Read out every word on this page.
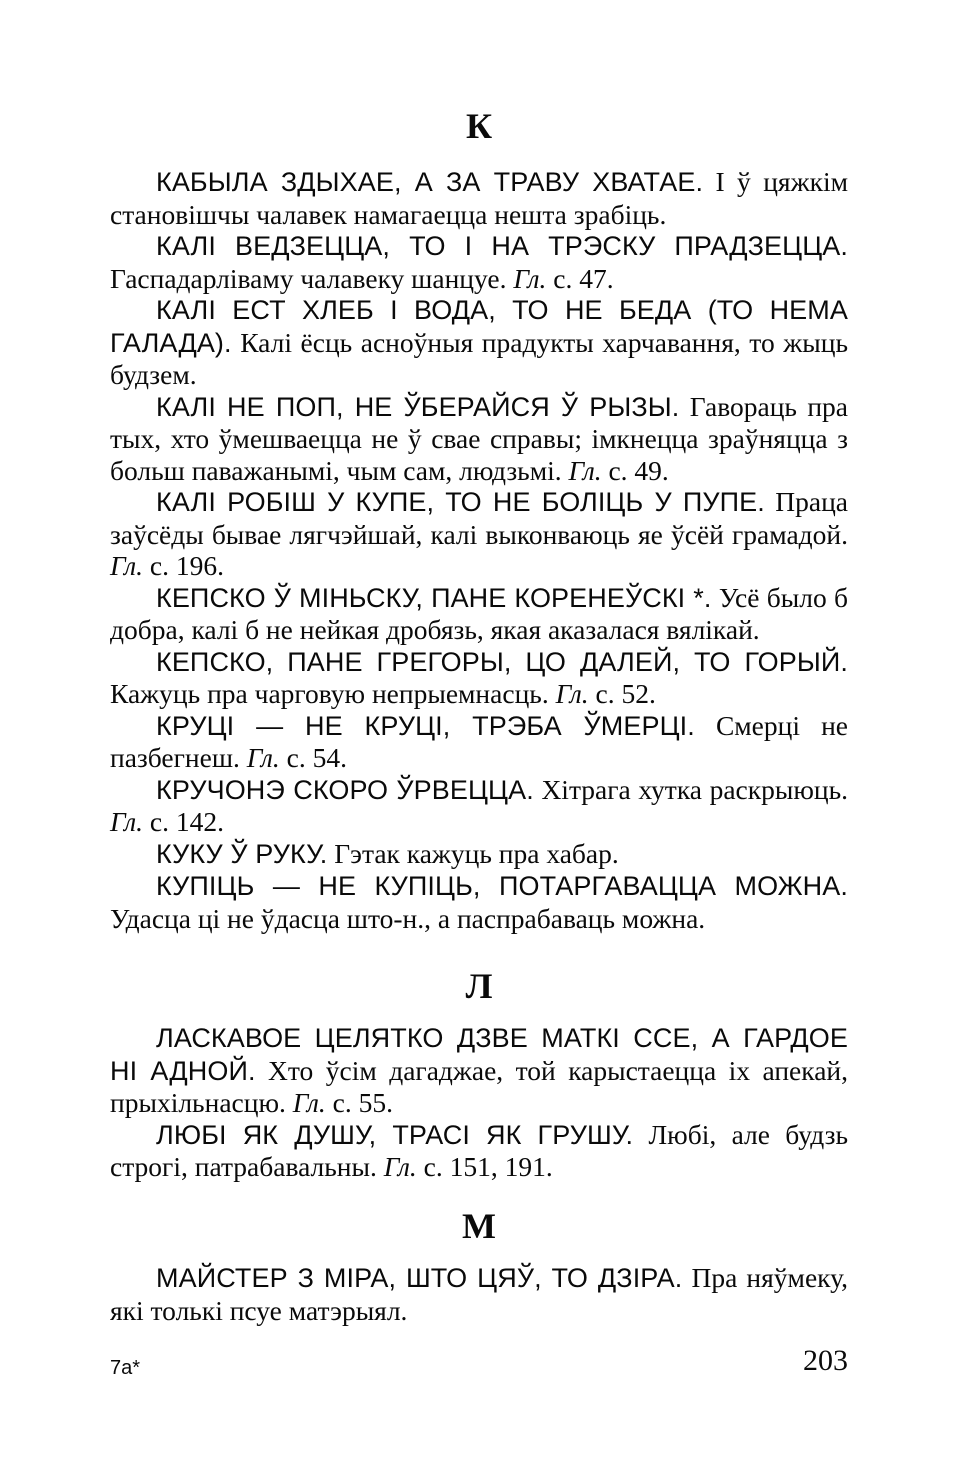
К

КАБЫЛА ЗДЫХАЕ, А ЗА ТРАВУ ХВАТАЕ. І ў цяжкім становішчы чалавек намагаецца нешта зрабіць.

КАЛІ ВЕДЗЕЦЦА, ТО І НА ТРЭСКУ ПРАДЗЕЦЦА. Гаспадарліваму чалавеку шанцуе. Гл. с. 47.

КАЛІ ЕСТ ХЛЕБ І ВОДА, ТО НЕ БЕДА (ТО НЕМА ГАЛАДА). Калі ёсць асноўныя прадукты харчавання, то жыць будзем.

КАЛІ НЕ ПОП, НЕ ЎБЕРАЙСЯ Ў РЫЗЫ. Гавораць пра тых, хто ўмешваецца не ў свае справы; імкнецца зраўняцца з больш паважанымі, чым сам, людзьмі. Гл. с. 49.

КАЛІ РОБІШ У КУПЕ, ТО НЕ БОЛІЦЬ У ПУПЕ. Праца заўсёды бывае лягчэйшай, калі выконваюць яе ўсёй грамадой. Гл. с. 196.

КЕПСКО Ў МІНЬСКУ, ПАНЕ КОРЕНЕЎСКІ *. Усё было б добра, калі б не нейкая дробязь, якая аказалася вялікай.

КЕПСКО, ПАНЕ ГРЕГОРЫ, ЦО ДАЛЕЙ, ТО ГОРЫЙ. Кажуць пра чарговую непрыемнасць. Гл. с. 52.

КРУЦІ — НЕ КРУЦІ, ТРЭБА ЎМЕРЦІ. Смерці не пазбегнеш. Гл. с. 54.

КРУЧОНЭ СКОРО ЎРВЕЦЦА. Хітрага хутка раскрыюць. Гл. с. 142.

КУКУ Ў РУКУ. Гэтак кажуць пра хабар.

КУПІЦЬ — НЕ КУПІЦЬ, ПОТАРГАВАЦЦА МОЖНА. Удасца ці не ўдасца што-н., а паспрабаваць можна.

Л

ЛАСКАВОЕ ЦЕЛЯТКО ДЗВЕ МАТКІ ССЕ, А ГАРДОЕ НІ АДНОЙ. Хто ўсім дагаджае, той карыстаецца іх апекай, прыхільнасцю. Гл. с. 55.

ЛЮБІ ЯК ДУШУ, ТРАСІ ЯК ГРУШУ. Любі, але будзь строгі, патрабавальны. Гл. с. 151, 191.

М

МАЙСТЕР З МІРА, ШТО ЦЯЎ, ТО ДЗІРА. Пра няўмеку, які толькі псуе матэрыял.

7а*	203
